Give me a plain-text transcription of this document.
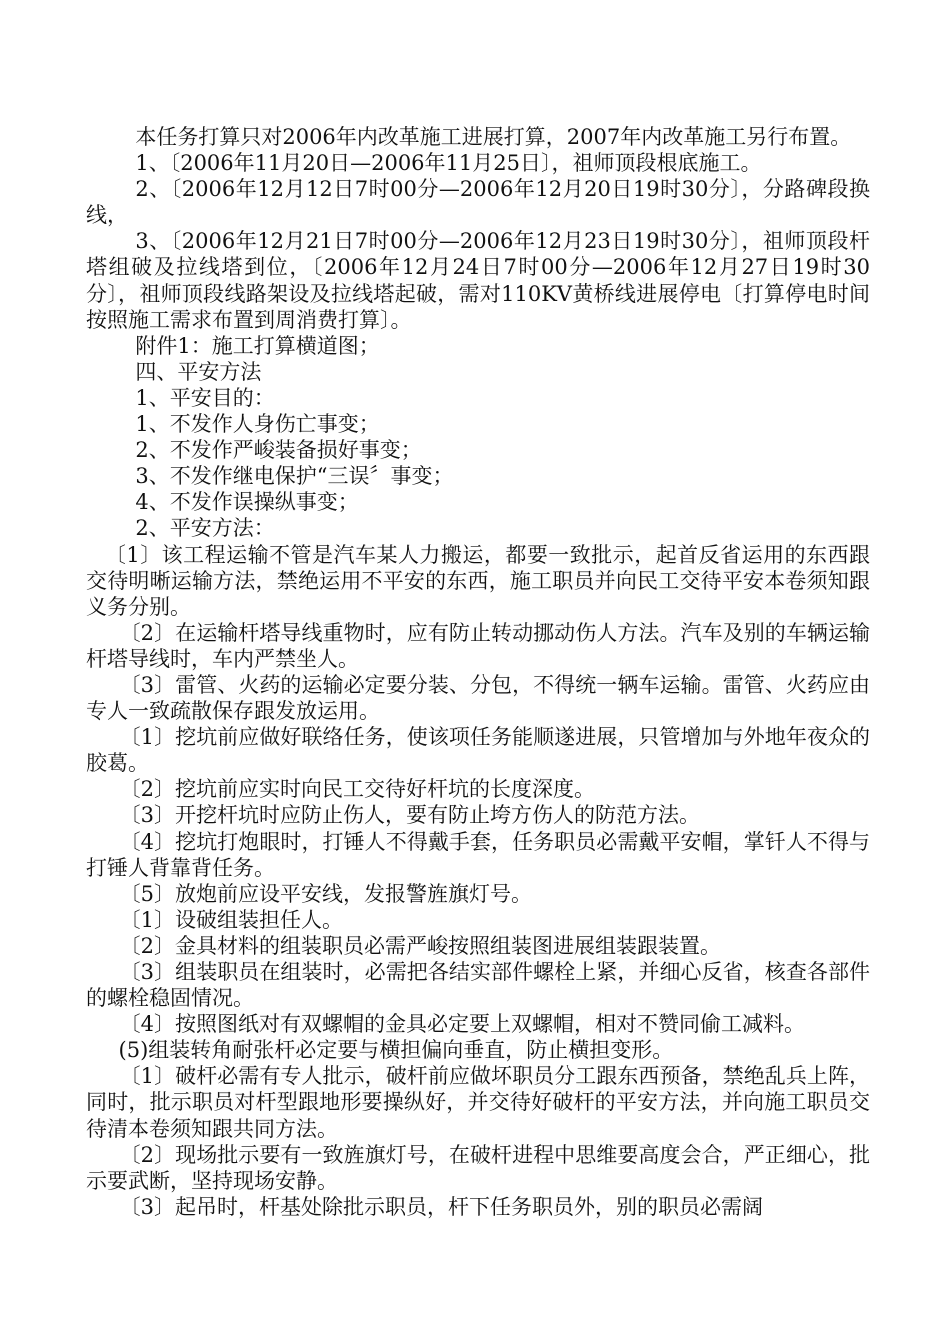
本任务打算只对2006年内改革施工进展打算，2007年内改革施工另行布置。

1、〔2006年11月20日—2006年11月25日〕，祖师顶段根底施工。

2、〔2006年12月12日7时00分—2006年12月20日19时30分〕，分路碑段换线，

3、〔2006年12月21日7时00分—2006年12月23日19时30分〕，祖师顶段杆塔组破及拉线塔到位，〔2006年12月24日7时00分—2006年12月27日19时30分〕，祖师顶段线路架设及拉线塔起破，需对110KV黄桥线进展停电〔打算停电时间按照施工需求布置到周消费打算〕。

附件1：施工打算横道图；

四、平安方法

1、平安目的：

1、不发作人身伤亡事变；

2、不发作严峻装备损好事变；

3、不发作继电保护“三误〞事变；

4、不发作误操纵事变；

2、平安方法：

〔1〕该工程运输不管是汽车某人力搬运，都要一致批示，起首反省运用的东西跟交待明晰运输方法，禁绝运用不平安的东西，施工职员并向民工交待平安本卷须知跟义务分别。

〔2〕在运输杆塔导线重物时，应有防止转动挪动伤人方法。汽车及别的车辆运输杆塔导线时，车内严禁坐人。

〔3〕雷管、火药的运输必定要分装、分包，不得统一辆车运输。雷管、火药应由专人一致疏散保存跟发放运用。

〔1〕挖坑前应做好联络任务，使该项任务能顺遂进展，只管增加与外地年夜众的胶葛。

〔2〕挖坑前应实时向民工交待好杆坑的长度深度。

〔3〕开挖杆坑时应防止伤人，要有防止垮方伤人的防范方法。

〔4〕挖坑打炮眼时，打锤人不得戴手套，任务职员必需戴平安帽，掌钎人不得与打锤人背靠背任务。

〔5〕放炮前应设平安线，发报警旌旗灯号。

〔1〕设破组装担任人。

〔2〕金具材料的组装职员必需严峻按照组装图进展组装跟装置。

〔3〕组装职员在组装时，必需把各结实部件螺栓上紧，并细心反省，核查各部件的螺栓稳固情况。

〔4〕按照图纸对有双螺帽的金具必定要上双螺帽，相对不赞同偷工减料。

(5)组装转角耐张杆必定要与横担偏向垂直，防止横担变形。

〔1〕破杆必需有专人批示，破杆前应做坏职员分工跟东西预备，禁绝乱兵上阵，同时，批示职员对杆型跟地形要操纵好，并交待好破杆的平安方法，并向施工职员交待清本卷须知跟共同方法。

〔2〕现场批示要有一致旌旗灯号，在破杆进程中思维要高度会合，严正细心，批示要武断，坚持现场安静。

〔3〕起吊时，杆基处除批示职员，杆下任务职员外，别的职员必需阔
